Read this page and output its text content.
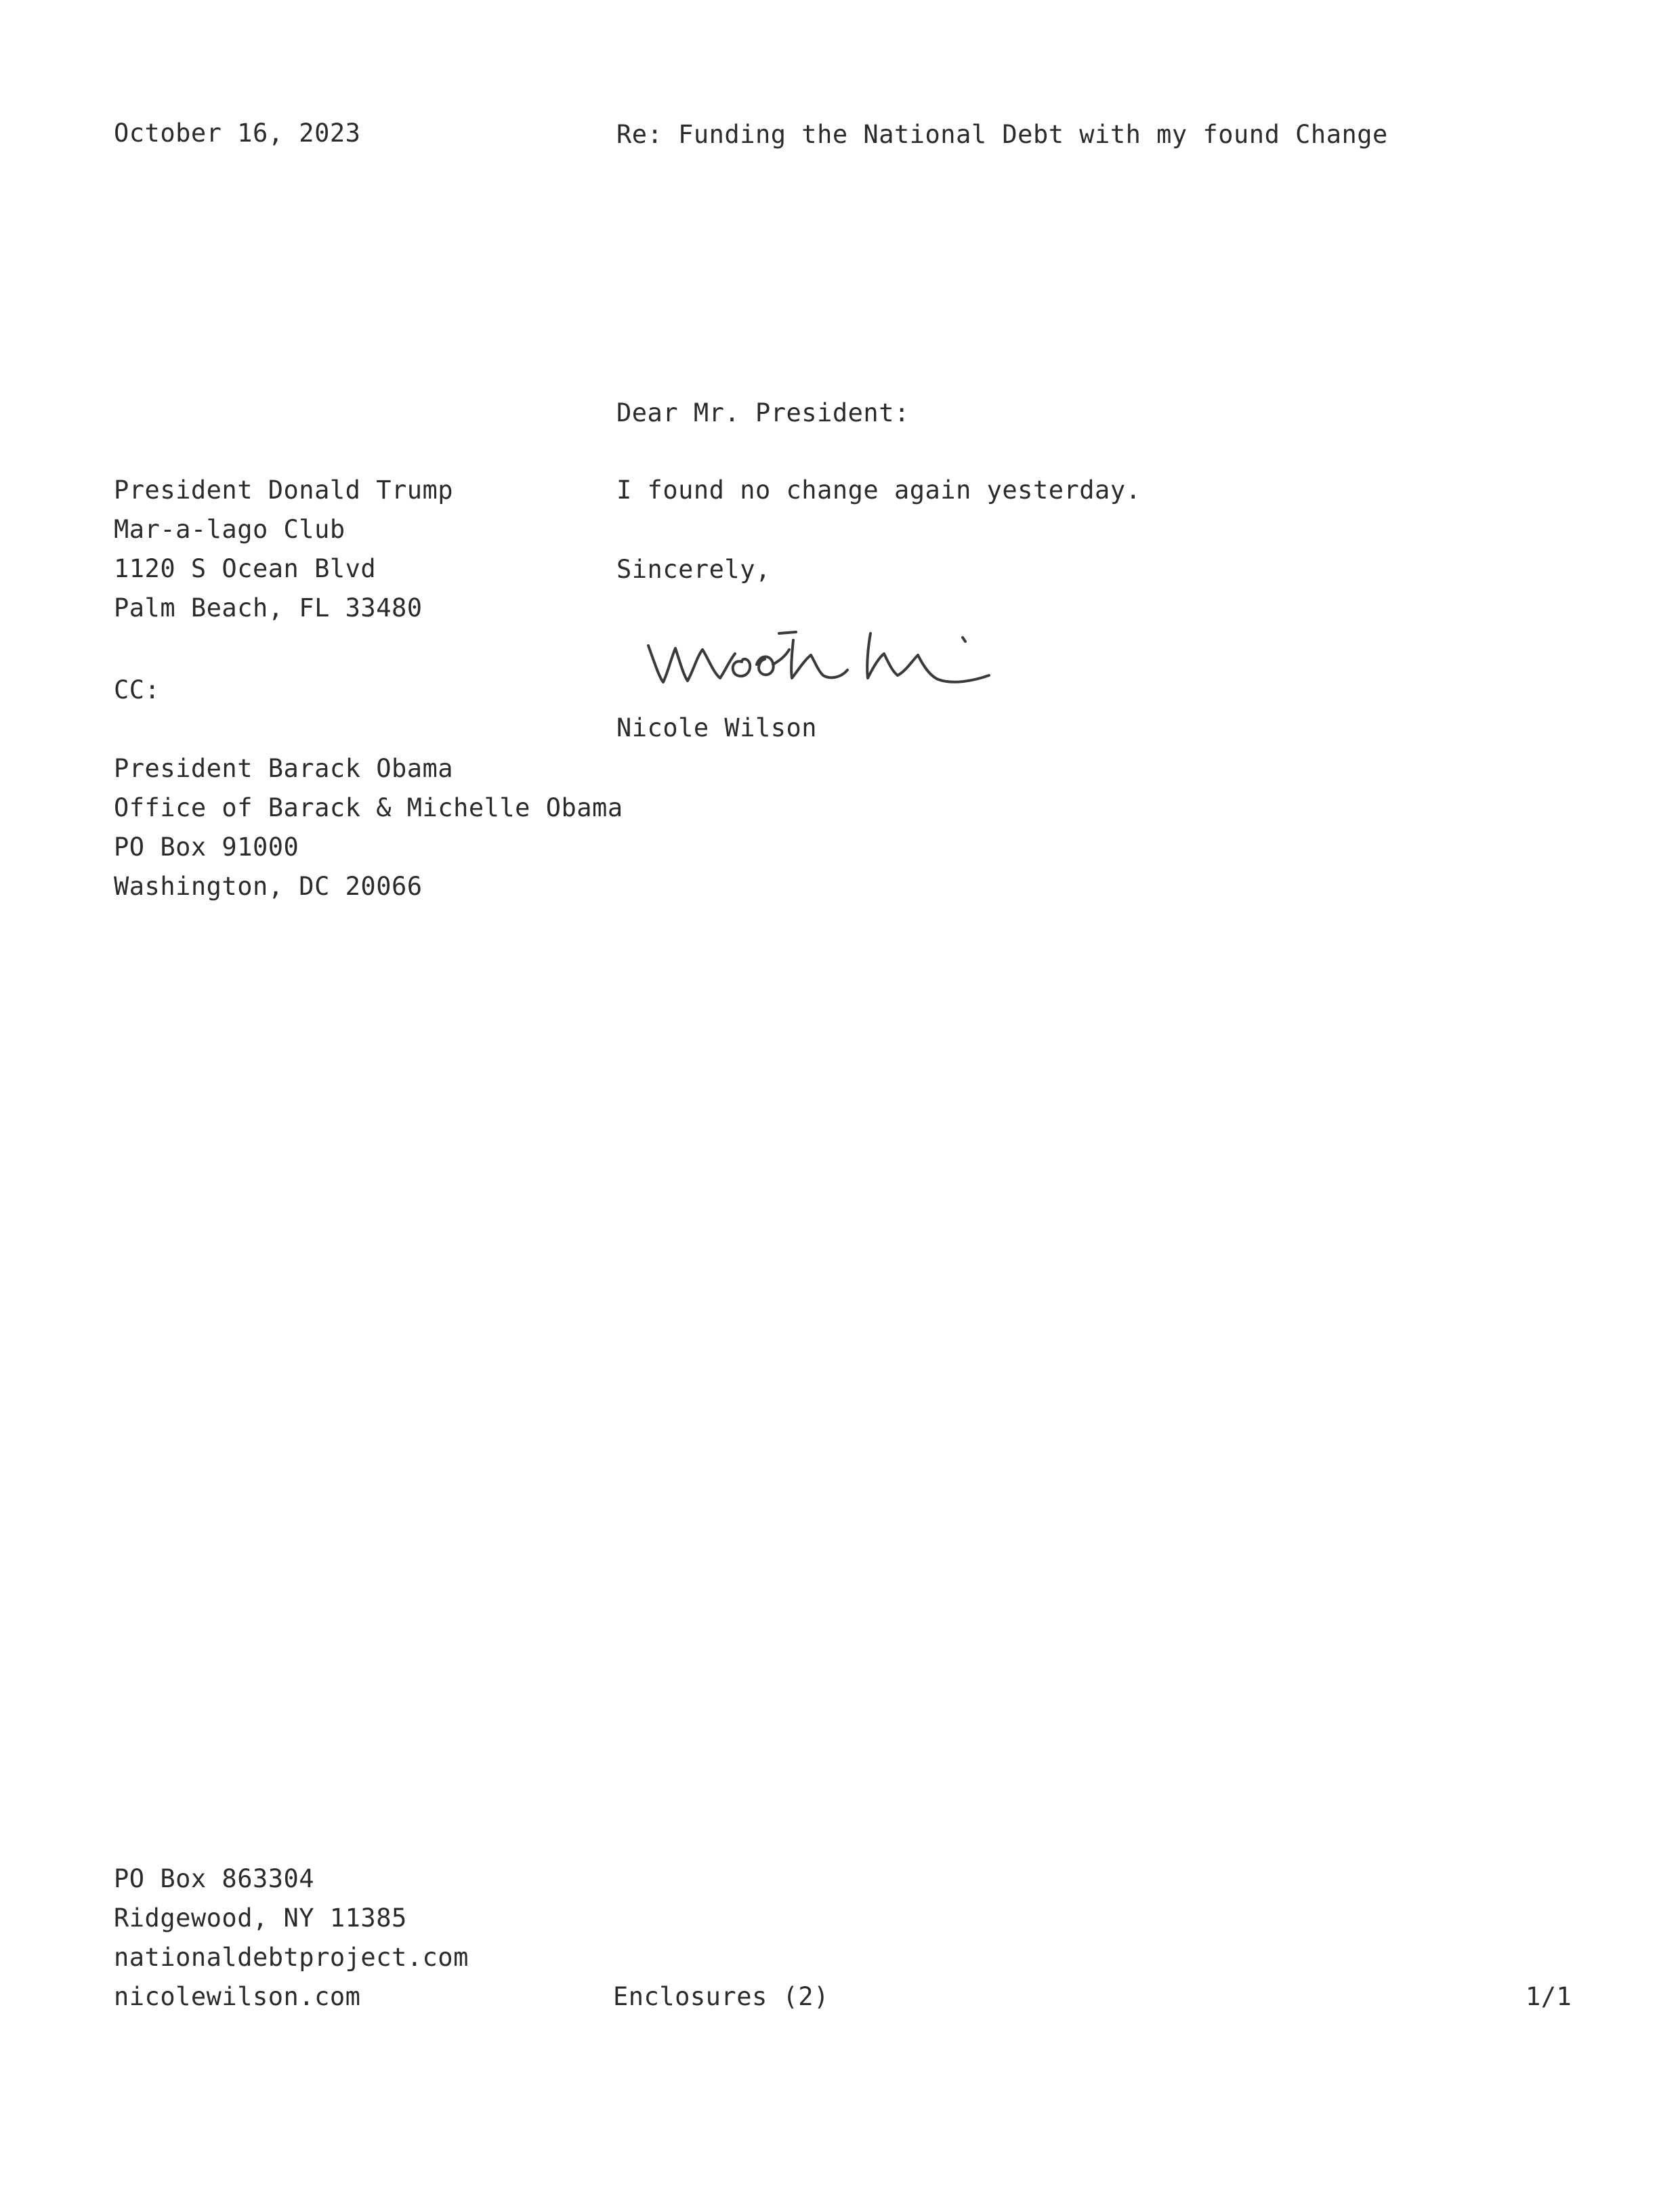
October 16, 2023	Re: Funding the National Debt with my found Change
Dear Mr. President:
President Donald Trump
Mar-a-lago Club
1120 S Ocean Blvd
Palm Beach, FL 33480
I found no change again yesterday.
Sincerely,
Nicole Wilson
CC:
President Barack Obama
Office of Barack & Michelle Obama
PO Box 91000
Washington, DC 20066
PO Box 863304
Ridgewood, NY 11385
nationaldebtproject.com
nicolewilson.com	Enclosures (2)	1/1
